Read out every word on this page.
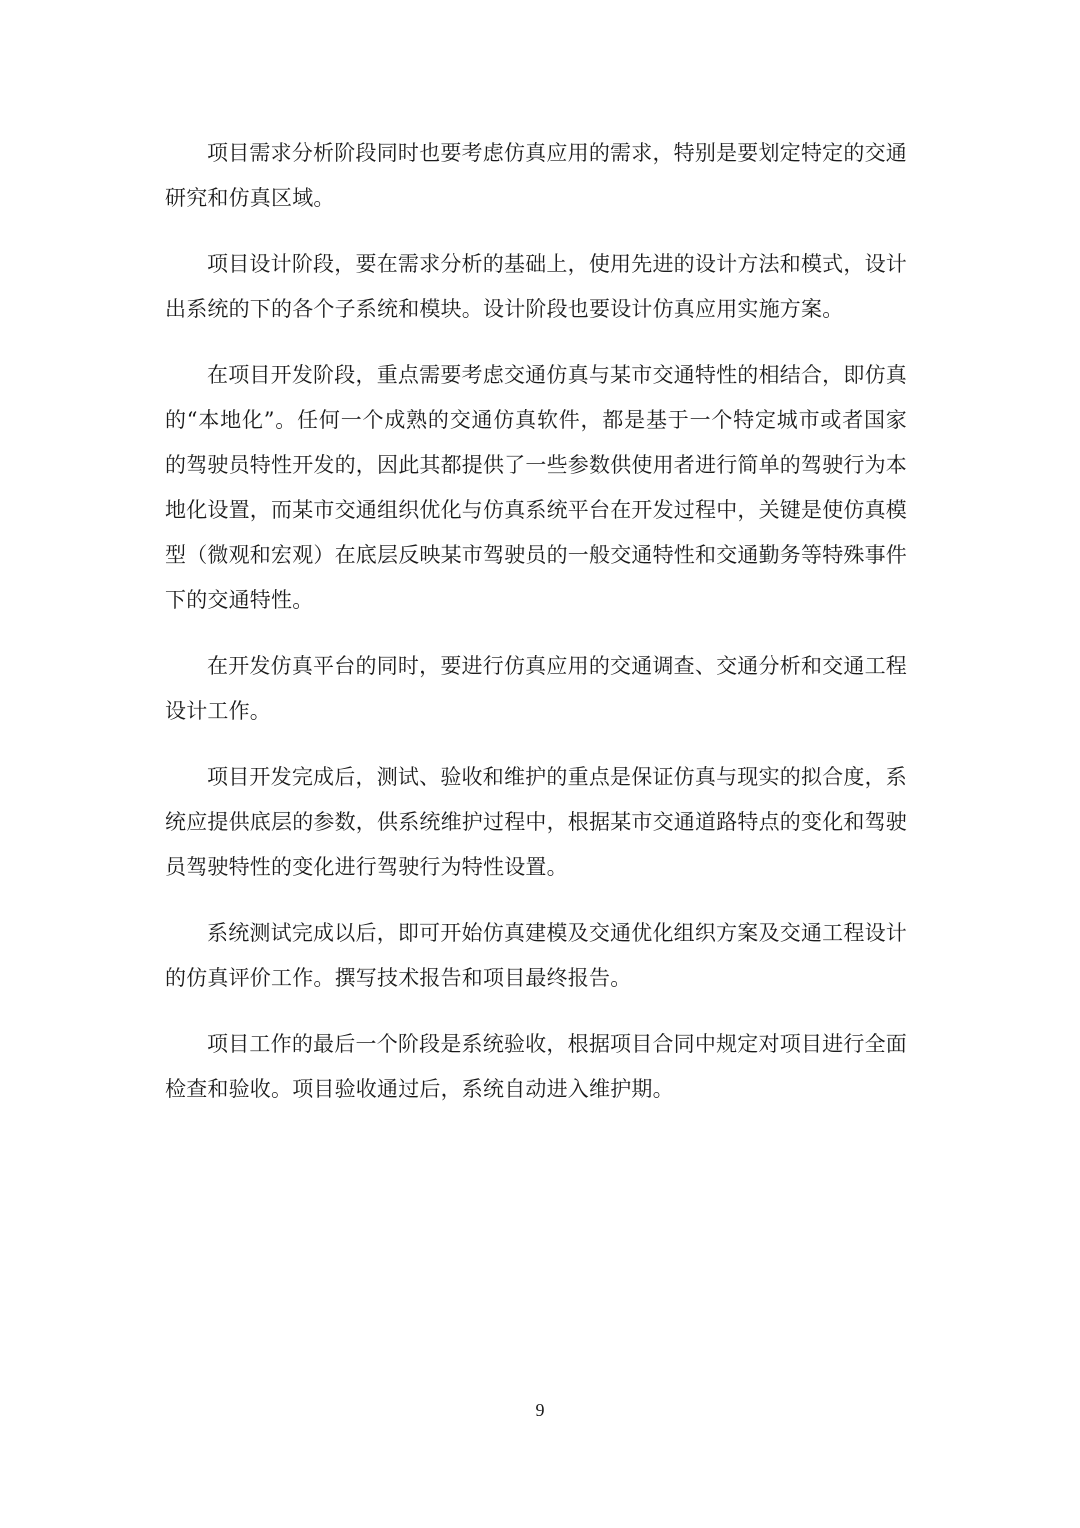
项目需求分析阶段同时也要考虑仿真应用的需求，特别是要划定特定的交通研究和仿真区域。

项目设计阶段，要在需求分析的基础上，使用先进的设计方法和模式，设计出系统的下的各个子系统和模块。设计阶段也要设计仿真应用实施方案。

在项目开发阶段，重点需要考虑交通仿真与某市交通特性的相结合，即仿真的“本地化”。任何一个成熟的交通仿真软件，都是基于一个特定城市或者国家的驾驶员特性开发的，因此其都提供了一些参数供使用者进行简单的驾驶行为本地化设置，而某市交通组织优化与仿真系统平台在开发过程中，关键是使仿真模型（微观和宏观）在底层反映某市驾驶员的一般交通特性和交通勤务等特殊事件下的交通特性。

在开发仿真平台的同时，要进行仿真应用的交通调查、交通分析和交通工程设计工作。

项目开发完成后，测试、验收和维护的重点是保证仿真与现实的拟合度，系统应提供底层的参数，供系统维护过程中，根据某市交通道路特点的变化和驾驶员驾驶特性的变化进行驾驶行为特性设置。

系统测试完成以后，即可开始仿真建模及交通优化组织方案及交通工程设计的仿真评价工作。撰写技术报告和项目最终报告。

项目工作的最后一个阶段是系统验收，根据项目合同中规定对项目进行全面检查和验收。项目验收通过后，系统自动进入维护期。

9
